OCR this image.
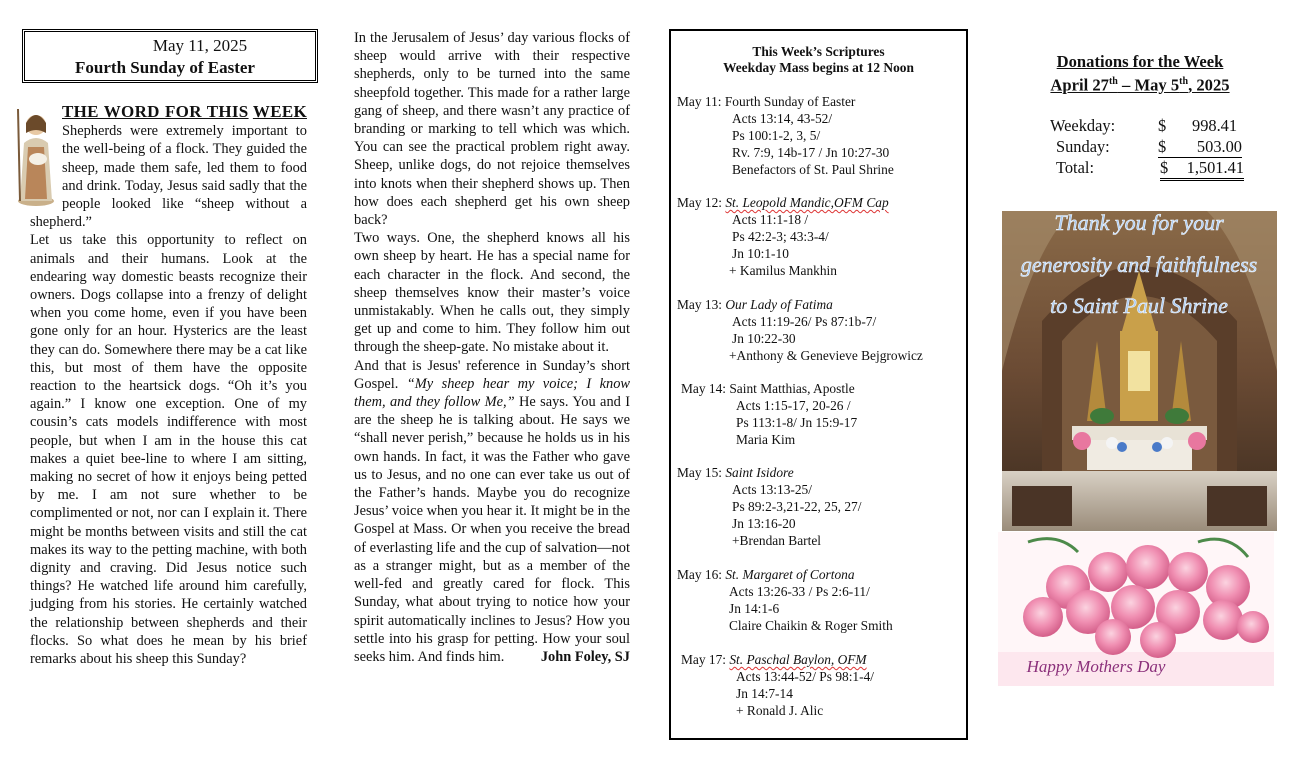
May 11, 2025
Fourth Sunday of Easter

THE WORD FOR THIS WEEK Shepherds were extremely important to the well-being of a flock. They guided the sheep, made them safe, led them to food and drink. Today, Jesus said sadly that the people looked like “sheep without a shepherd.”

Let us take this opportunity to reflect on animals and their humans. Look at the endearing way domestic beasts recognize their owners. Dogs collapse into a frenzy of delight when you come home, even if you have been gone only for an hour. Hysterics are the least they can do. Somewhere there may be a cat like this, but most of them have the opposite reaction to the heartsick dogs. “Oh it’s you again.” I know one exception. One of my cousin’s cats models indifference with most people, but when I am in the house this cat makes a quiet bee-line to where I am sitting, making no secret of how it enjoys being petted by me. I am not sure whether to be complimented or not, nor can I explain it. There might be months between visits and still the cat makes its way to the petting machine, with both dignity and craving. Did Jesus notice such things? He watched life around him carefully, judging from his stories. He certainly watched the relationship between shepherds and their flocks. So what does he mean by his brief remarks about his sheep this Sunday?

In the Jerusalem of Jesus’ day various flocks of sheep would arrive with their respective shepherds, only to be turned into the same sheepfold together. This made for a rather large gang of sheep, and there wasn’t any practice of branding or marking to tell which was which. You can see the practical problem right away. Sheep, unlike dogs, do not rejoice themselves into knots when their shepherd shows up. Then how does each shepherd get his own sheep back?

Two ways. One, the shepherd knows all his own sheep by heart. He has a special name for each character in the flock. And second, the sheep themselves know their master’s voice unmistakably. When he calls out, they simply get up and come to him. They follow him out through the sheep-gate. No mistake about it.

And that is Jesus' reference in Sunday’s short Gospel. “My sheep hear my voice; I know them, and they follow Me,” He says. You and I are the sheep he is talking about. He says we “shall never perish,” because he holds us in his own hands. In fact, it was the Father who gave us to Jesus, and no one can ever take us out of the Father’s hands. Maybe you do recognize Jesus’ voice when you hear it. It might be in the Gospel at Mass. Or when you receive the bread of everlasting life and the cup of salvation—not as a stranger might, but as a member of the well-fed and greatly cared for flock. This Sunday, what about trying to notice how your spirit automatically inclines to Jesus? How you settle into his grasp for petting. How your soul seeks him. And finds him.	John Foley, SJ

This Week’s Scriptures
Weekday Mass begins at 12 Noon
May 11: Fourth Sunday of Easter
Acts 13:14, 43-52/
Ps 100:1-2, 3, 5/
Rv. 7:9, 14b-17 / Jn 10:27-30
Benefactors of St. Paul Shrine
May 12: St. Leopold Mandic,OFM Cap
Acts 11:1-18 /
Ps 42:2-3; 43:3-4/
Jn 10:1-10
+ Kamilus Mankhin
May 13: Our Lady of Fatima
Acts 11:19-26/ Ps 87:1b-7/
Jn 10:22-30
+Anthony & Genevieve Bejgrowicz
May 14: Saint Matthias, Apostle
Acts 1:15-17, 20-26 /
Ps 113:1-8/ Jn 15:9-17
Maria Kim
May 15: Saint Isidore
Acts 13:13-25/
Ps 89:2-3,21-22, 25, 27/
Jn 13:16-20
+Brendan Bartel
May 16: St. Margaret of Cortona
Acts 13:26-33 / Ps 2:6-11/
Jn 14:1-6
Claire Chaikin & Roger Smith
May 17: St. Paschal Baylon, OFM
Acts 13:44-52/ Ps 98:1-4/
Jn 14:7-14
+ Ronald J. Alic
Donations for the Week
April 27th – May 5th, 2025
Weekday:	$ 998.41
Sunday:	$ 503.00
Total:	$ 1,501.41
Thank you for your
generosity and faithfulness
to Saint Paul Shrine
Happy Mothers Day
